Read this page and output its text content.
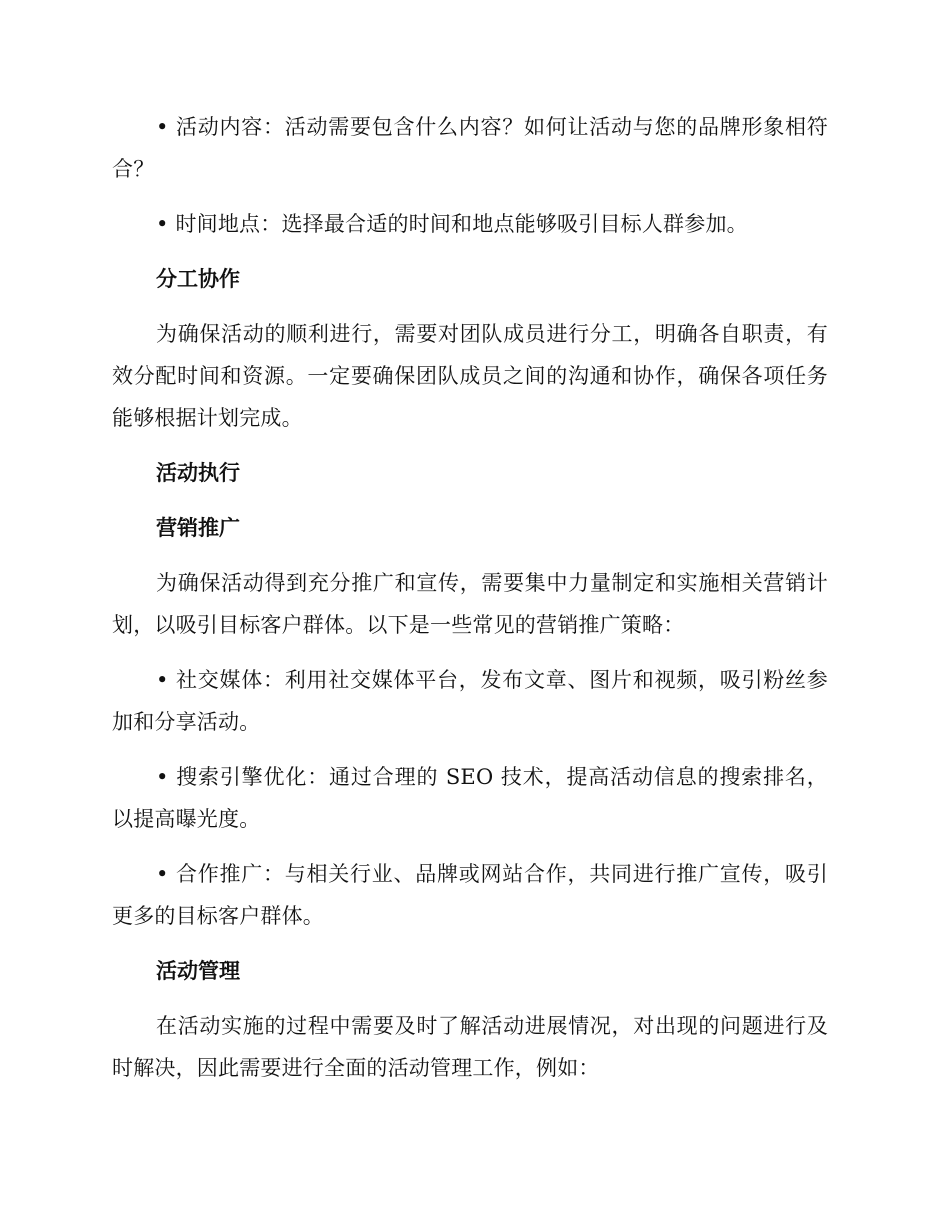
• 活动内容：活动需要包含什么内容？如何让活动与您的品牌形象相符合？

• 时间地点：选择最合适的时间和地点能够吸引目标人群参加。

分工协作

为确保活动的顺利进行，需要对团队成员进行分工，明确各自职责，有效分配时间和资源。一定要确保团队成员之间的沟通和协作，确保各项任务能够根据计划完成。

活动执行
营销推广

为确保活动得到充分推广和宣传，需要集中力量制定和实施相关营销计划，以吸引目标客户群体。以下是一些常见的营销推广策略：

• 社交媒体：利用社交媒体平台，发布文章、图片和视频，吸引粉丝参加和分享活动。

• 搜索引擎优化：通过合理的 SEO 技术，提高活动信息的搜索排名，以提高曝光度。

• 合作推广：与相关行业、品牌或网站合作，共同进行推广宣传，吸引更多的目标客户群体。

活动管理

在活动实施的过程中需要及时了解活动进展情况，对出现的问题进行及时解决，因此需要进行全面的活动管理工作，例如：
